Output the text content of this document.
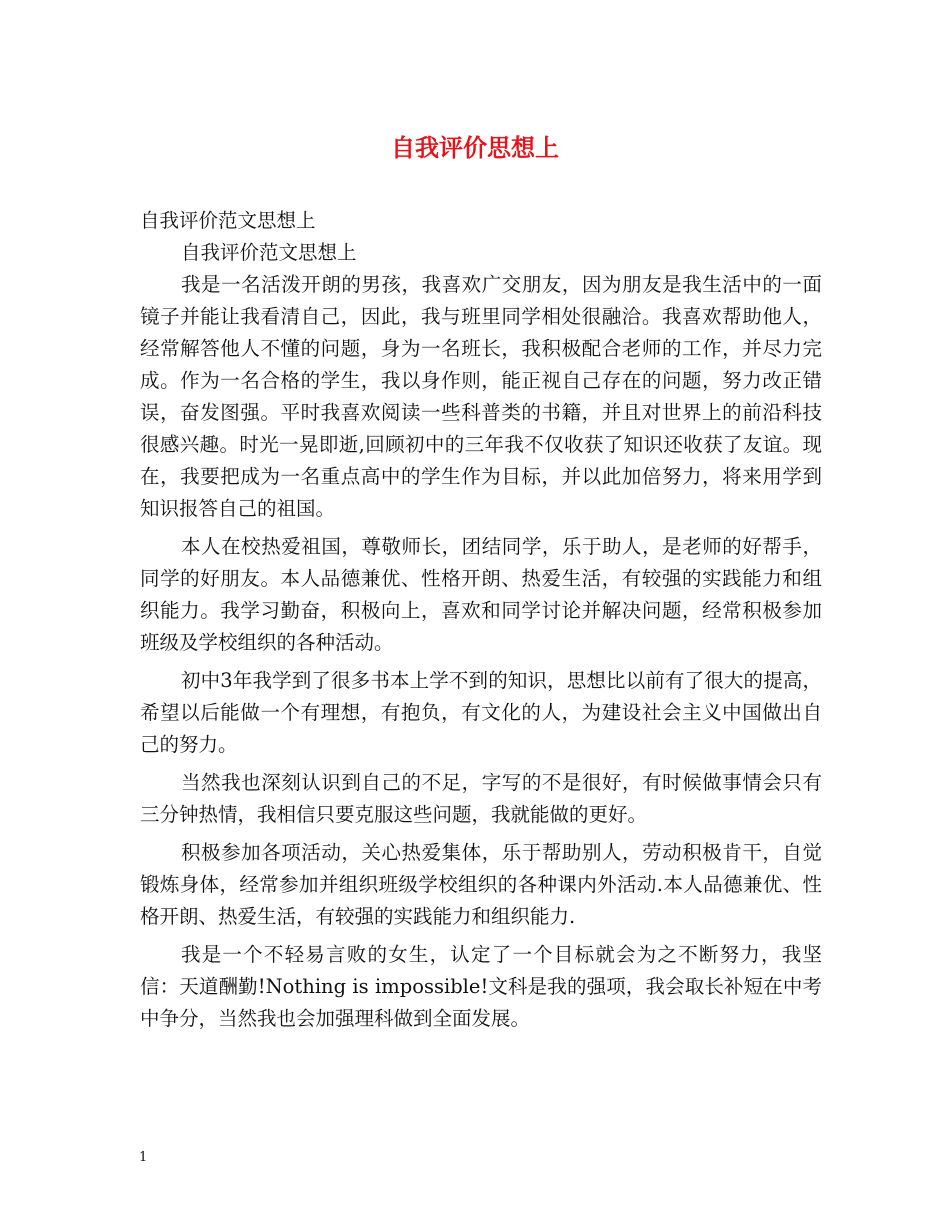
自我评价思想上

自我评价范文思想上

自我评价范文思想上

我是一名活泼开朗的男孩，我喜欢广交朋友，因为朋友是我生活中的一面镜子并能让我看清自己，因此，我与班里同学相处很融洽。我喜欢帮助他人，经常解答他人不懂的问题，身为一名班长，我积极配合老师的工作，并尽力完成。作为一名合格的学生，我以身作则，能正视自己存在的问题，努力改正错误，奋发图强。平时我喜欢阅读一些科普类的书籍，并且对世界上的前沿科技很感兴趣。时光一晃即逝,回顾初中的三年我不仅收获了知识还收获了友谊。现在，我要把成为一名重点高中的学生作为目标，并以此加倍努力，将来用学到知识报答自己的祖国。

本人在校热爱祖国，尊敬师长，团结同学，乐于助人，是老师的好帮手，同学的好朋友。本人品德兼优、性格开朗、热爱生活，有较强的实践能力和组织能力。我学习勤奋，积极向上，喜欢和同学讨论并解决问题，经常积极参加班级及学校组织的各种活动。

初中3年我学到了很多书本上学不到的知识，思想比以前有了很大的提高，希望以后能做一个有理想，有抱负，有文化的人，为建设社会主义中国做出自己的努力。

当然我也深刻认识到自己的不足，字写的不是很好，有时候做事情会只有三分钟热情，我相信只要克服这些问题，我就能做的更好。

积极参加各项活动，关心热爱集体，乐于帮助别人，劳动积极肯干，自觉锻炼身体，经常参加并组织班级学校组织的各种课内外活动.本人品德兼优、性格开朗、热爱生活，有较强的实践能力和组织能力.

我是一个不轻易言败的女生，认定了一个目标就会为之不断努力，我坚信：天道酬勤!Nothing is impossible!文科是我的强项，我会取长补短在中考中争分，当然我也会加强理科做到全面发展。

1
